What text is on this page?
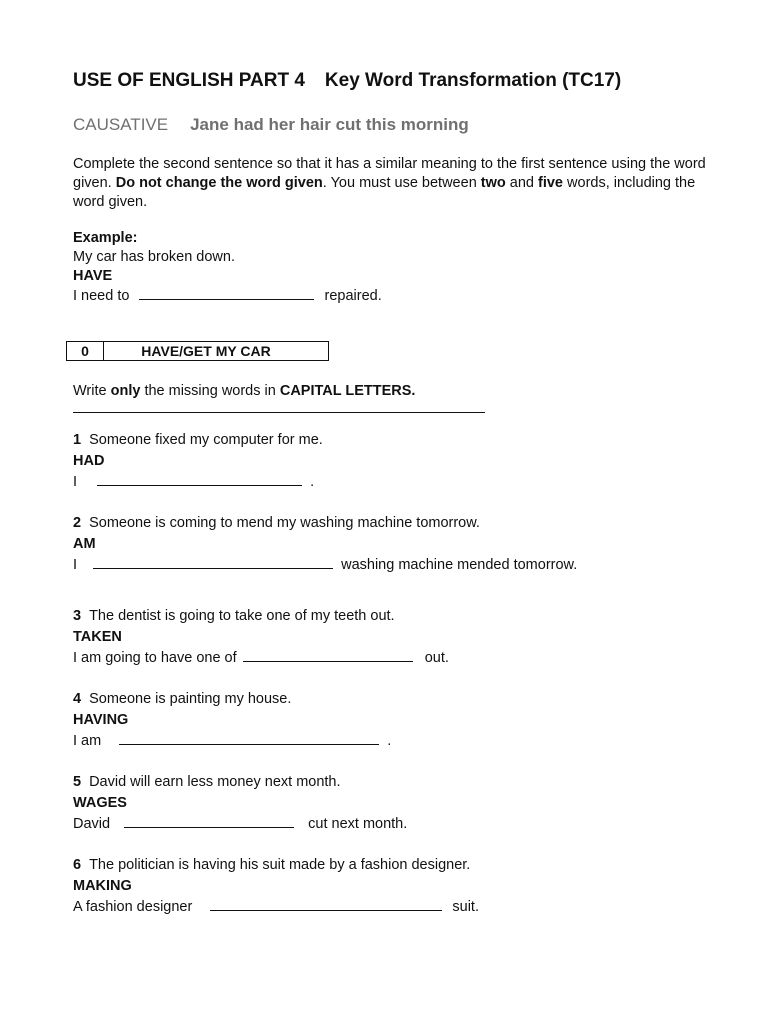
USE OF ENGLISH PART 4 Key Word Transformation (TC17)
CAUSATIVE Jane had her hair cut this morning
Complete the second sentence so that it has a similar meaning to the first sentence using the word given. Do not change the word given. You must use between two and five words, including the word given.
Example:
My car has broken down.
HAVE
I need to	repaired.
0	HAVE/GET MY CAR
Write only the missing words in CAPITAL LETTERS.
1 Someone fixed my computer for me.
HAD
I	.
2 Someone is coming to mend my washing machine tomorrow.
AM
I	washing machine mended tomorrow.
3 The dentist is going to take one of my teeth out.
TAKEN
I am going to have one of	out.
4 Someone is painting my house.
HAVING
I am	.
5 David will earn less money next month.
WAGES
David	cut next month.
6 The politician is having his suit made by a fashion designer.
MAKING
A fashion designer	suit.
